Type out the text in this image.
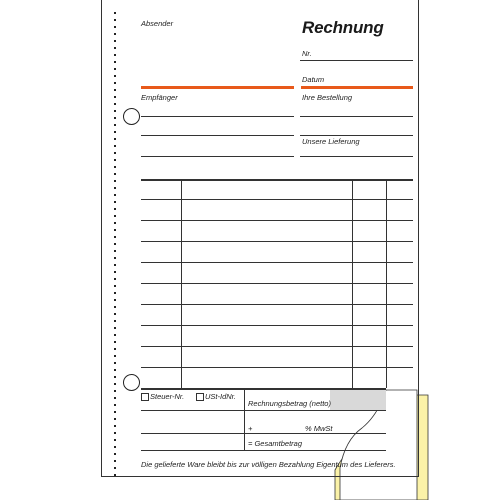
Absender	Rechnung
Nr.
Datum
Empfänger	Ihre Bestellung
Unsere Lieferung
Steuer-Nr.	USt-IdNr.
Rechnungsbetrag (netto)
+	% MwSt
= Gesamtbetrag
Die gelieferte Ware bleibt bis zur völligen Bezahlung Eigentum des Lieferers.
